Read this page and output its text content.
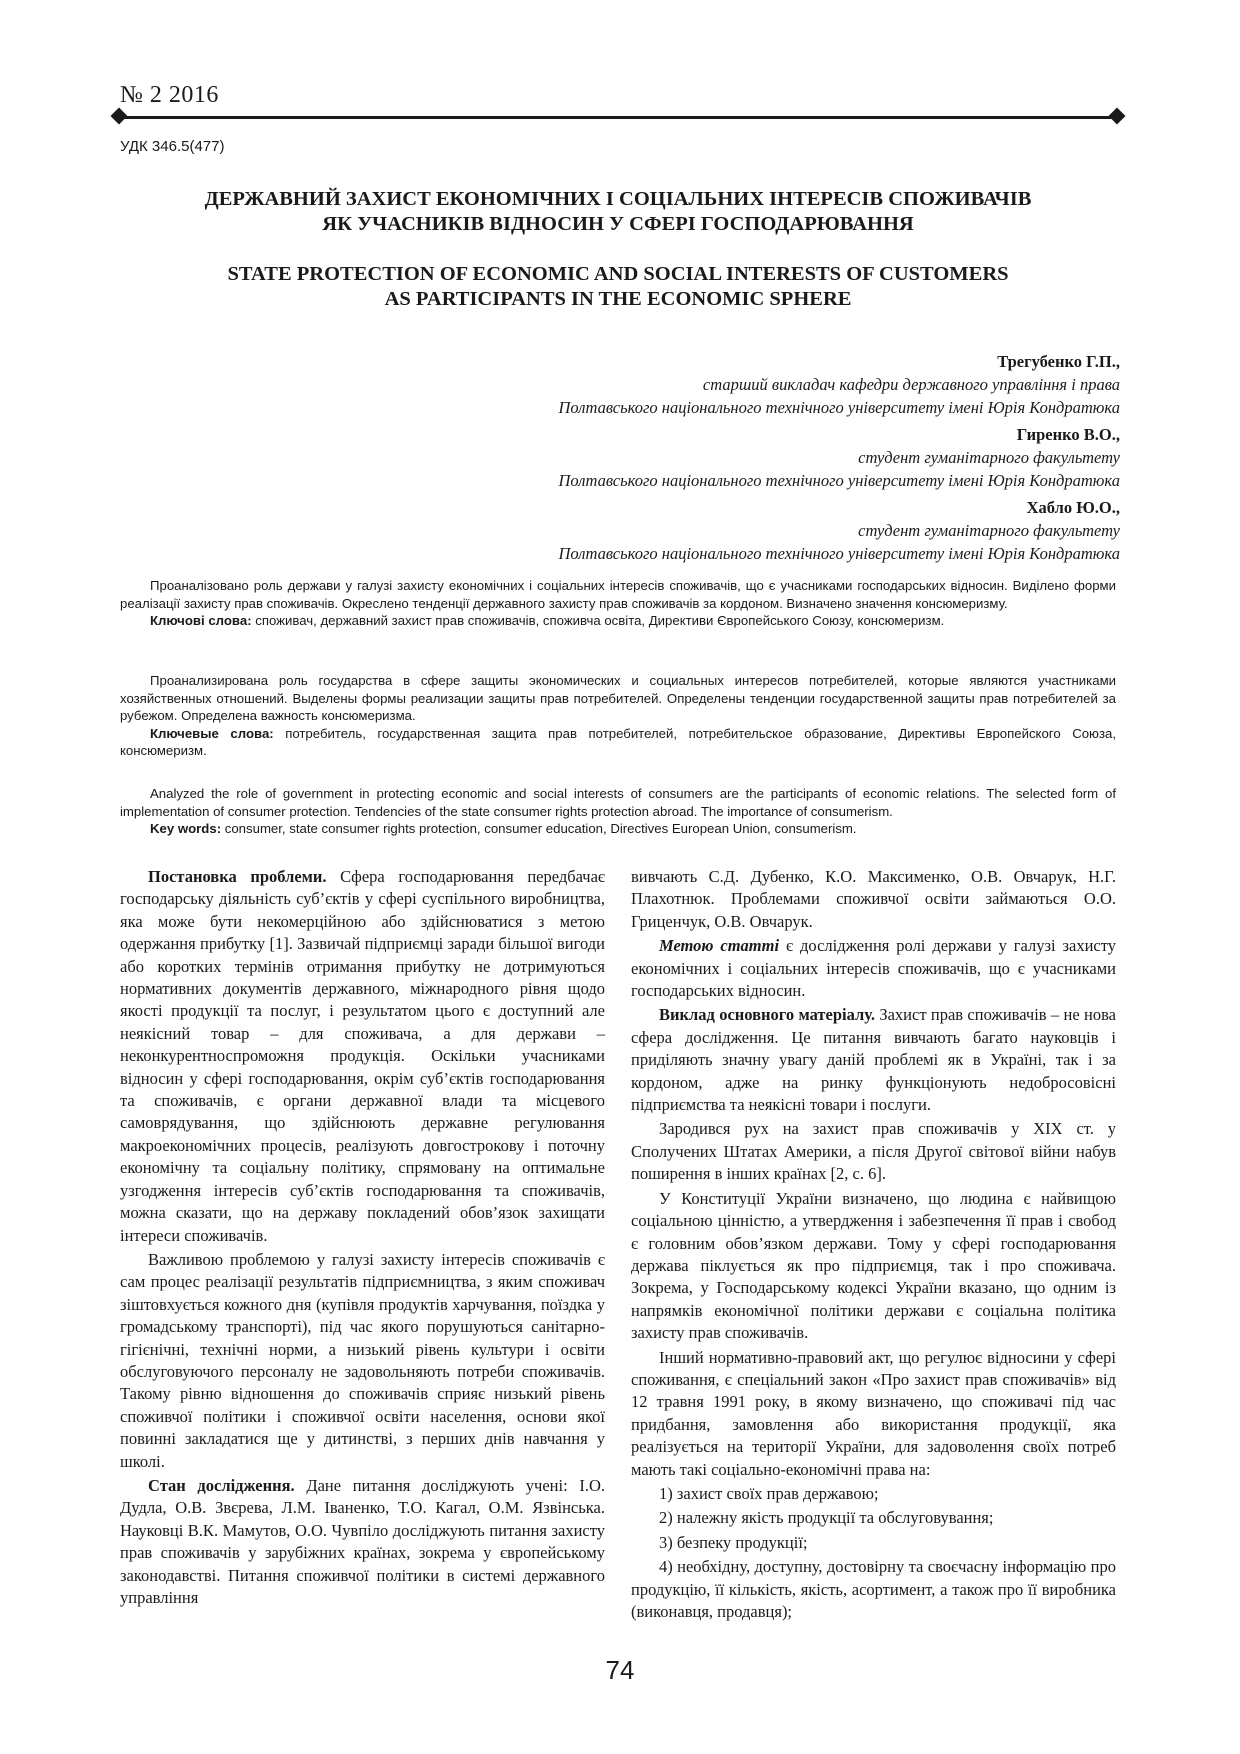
№ 2 2016
УДК 346.5(477)
ДЕРЖАВНИЙ ЗАХИСТ ЕКОНОМІЧНИХ І СОЦІАЛЬНИХ ІНТЕРЕСІВ СПОЖИВАЧІВ
ЯК УЧАСНИКІВ ВІДНОСИН У СФЕРІ ГОСПОДАРЮВАННЯ
STATE PROTECTION OF ECONOMIC AND SOCIAL INTERESTS OF CUSTOMERS
AS PARTICIPANTS IN THE ECONOMIC SPHERE
Трегубенко Г.П.,
старший викладач кафедри державного управління і права
Полтавського національного технічного університету імені Юрія Кондратюка
Гиренко В.О.,
студент гуманітарного факультету
Полтавського національного технічного університету імені Юрія Кондратюка
Хабло Ю.О.,
студент гуманітарного факультету
Полтавського національного технічного університету імені Юрія Кондратюка

Проаналізовано роль держави у галузі захисту економічних і соціальних інтересів споживачів, що є учасниками господарських відносин. Виділено форми реалізації захисту прав споживачів. Окреслено тенденції державного захисту прав споживачів за кордоном. Визначено значення консюмеризму.

Ключові слова: споживач, державний захист прав споживачів, споживча освіта, Директиви Європейського Союзу, консюмеризм.

Проанализирована роль государства в сфере защиты экономических и социальных интересов потребителей, которые являются участниками хозяйственных отношений. Выделены формы реализации защиты прав потребителей. Определены тенденции государственной защиты прав потребителей за рубежом. Определена важность консюмеризма.

Ключевые слова: потребитель, государственная защита прав потребителей, потребительское образование, Директивы Европейского Союза, консюмеризм.

Analyzed the role of government in protecting economic and social interests of consumers are the participants of economic relations. The selected form of implementation of consumer protection. Tendencies of the state consumer rights protection abroad. The importance of consumerism.

Key words: consumer, state consumer rights protection, consumer education, Directives European Union, consumerism.

Постановка проблеми. Сфера господарювання передбачає господарську діяльність суб’єктів у сфері суспільного виробництва, яка може бути некомерційною або здійснюватися з метою одержання прибутку [1]. Зазвичай підприємці заради більшої вигоди або коротких термінів отримання прибутку не дотримуються нормативних документів державного, міжнародного рівня щодо якості продукції та послуг, і результатом цього є доступний але неякісний товар – для споживача, а для держави – неконкурентноспроможня продукція. Оскільки учасниками відносин у сфері господарювання, окрім суб’єктів господарювання та споживачів, є органи державної влади та місцевого самоврядування, що здійснюють державне регулювання макроекономічних процесів, реалізують довгострокову і поточну економічну та соціальну політику, спрямовану на оптимальне узгодження інтересів суб’єктів господарювання та споживачів, можна сказати, що на державу покладений обов’язок захищати інтереси споживачів.

Важливою проблемою у галузі захисту інтересів споживачів є сам процес реалізації результатів підприємництва, з яким споживач зіштовхується кожного дня (купівля продуктів харчування, поїздка у громадському транспорті), під час якого порушуються санітарно-гігієнічні, технічні норми, а низький рівень культури і освіти обслуговуючого персоналу не задовольняють потреби споживачів. Такому рівню відношення до споживачів сприяє низький рівень споживчої політики і споживчої освіти населення, основи якої повинні закладатися ще у дитинстві, з перших днів навчання у школі.

Стан дослідження. Дане питання досліджують учені: І.О. Дудла, О.В. Звєрева, Л.М. Іваненко, Т.О. Кагал, О.М. Язвінська. Науковці В.К. Мамутов, О.О. Чувпіло досліджують питання захисту прав споживачів у зарубіжних країнах, зокрема у європейському законодавстві. Питання споживчої політики в системі державного управління

вивчають С.Д. Дубенко, К.О. Максименко, О.В. Овчарук, Н.Г. Плахотнюк. Проблемами споживчої освіти займаються О.О. Гриценчук, О.В. Овчарук.

Метою статті є дослідження ролі держави у галузі захисту економічних і соціальних інтересів споживачів, що є учасниками господарських відносин.

Виклад основного матеріалу. Захист прав споживачів – не нова сфера дослідження. Це питання вивчають багато науковців і приділяють значну увагу даній проблемі як в Україні, так і за кордоном, адже на ринку функціонують недобросовісні підприємства та неякісні товари і послуги.

Зародився рух на захист прав споживачів у XIX ст. у Сполучених Штатах Америки, а після Другої світової війни набув поширення в інших країнах [2, с. 6].

У Конституції України визначено, що людина є найвищою соціальною цінністю, а утвердження і забезпечення її прав і свобод є головним обов’язком держави. Тому у сфері господарювання держава піклується як про підприємця, так і про споживача. Зокрема, у Господарському кодексі України вказано, що одним із напрямків економічної політики держави є соціальна політика захисту прав споживачів.

Інший нормативно-правовий акт, що регулює відносини у сфері споживання, є спеціальний закон «Про захист прав споживачів» від 12 травня 1991 року, в якому визначено, що споживачі під час придбання, замовлення або використання продукції, яка реалізується на території України, для задоволення своїх потреб мають такі соціально-економічні права на:

1) захист своїх прав державою;

2) належну якість продукції та обслуговування;

3) безпеку продукції;

4) необхідну, доступну, достовірну та своєчасну інформацію про продукцію, її кількість, якість, асортимент, а також про її виробника (виконавця, продавця);

74
